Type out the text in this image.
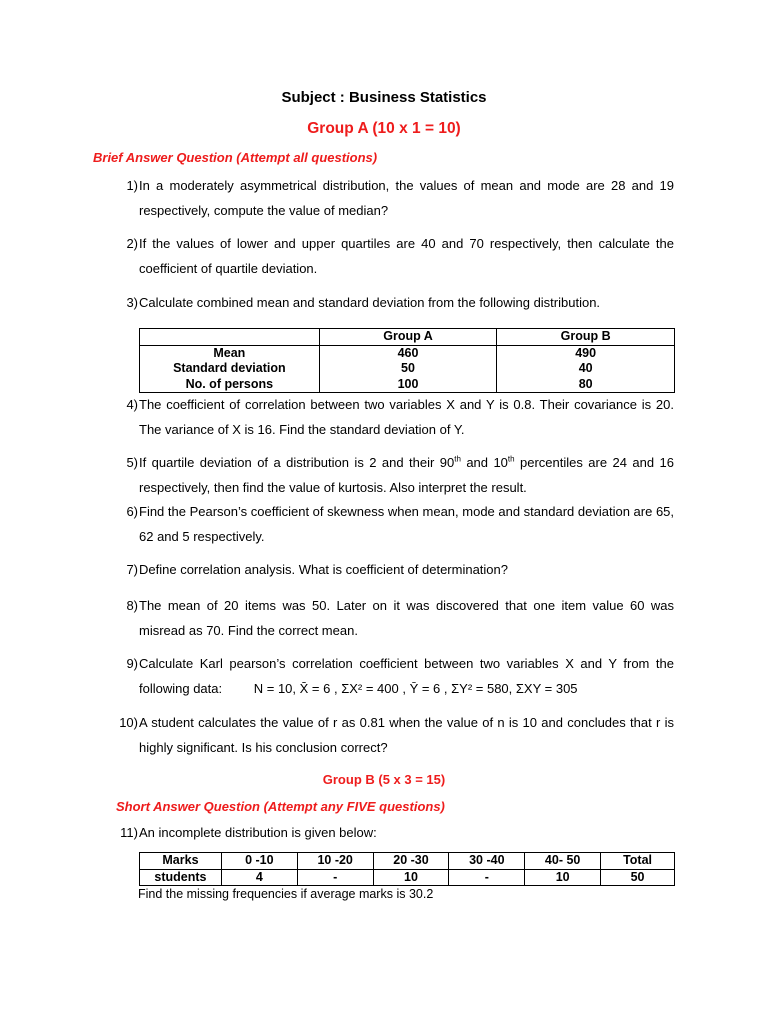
Subject : Business Statistics
Group A (10 x 1 = 10)
Brief Answer Question (Attempt all questions)
1) In a moderately asymmetrical distribution, the values of mean and mode are 28 and 19 respectively, compute the value of median?
2) If the values of lower and upper quartiles are 40 and 70 respectively, then calculate the coefficient of quartile deviation.
3) Calculate combined mean and standard deviation from the following distribution.
	Group A	Group B
Mean	460	490
Standard deviation	50	40
No. of persons	100	80
4) The coefficient of correlation between two variables X and Y is 0.8. Their covariance is 20. The variance of X is 16. Find the standard deviation of Y.
5) If quartile deviation of a distribution is 2 and their 90th and 10th percentiles are 24 and 16 respectively, then find the value of kurtosis. Also interpret the result.
6) Find the Pearson’s coefficient of skewness when mean, mode and standard deviation are 65, 62 and 5 respectively.
7) Define correlation analysis. What is coefficient of determination?
8) The mean of 20 items was 50. Later on it was discovered that one item value 60 was misread as 70. Find the correct mean.
9) Calculate Karl pearson’s correlation coefficient between two variables X and Y from the following data: N = 10, X̄ = 6 , ΣX² = 400 , Ȳ = 6 , ΣY² = 580, ΣXY = 305
10) A student calculates the value of r as 0.81 when the value of n is 10 and concludes that r is highly significant. Is his conclusion correct?
Group B (5 x 3 = 15)
Short Answer Question (Attempt any FIVE questions)
11) An incomplete distribution is given below:
Marks	0 -10	10 -20	20 -30	30 -40	40- 50	Total
students	4	-	10	-	10	50
Find the missing frequencies if average marks is 30.2
